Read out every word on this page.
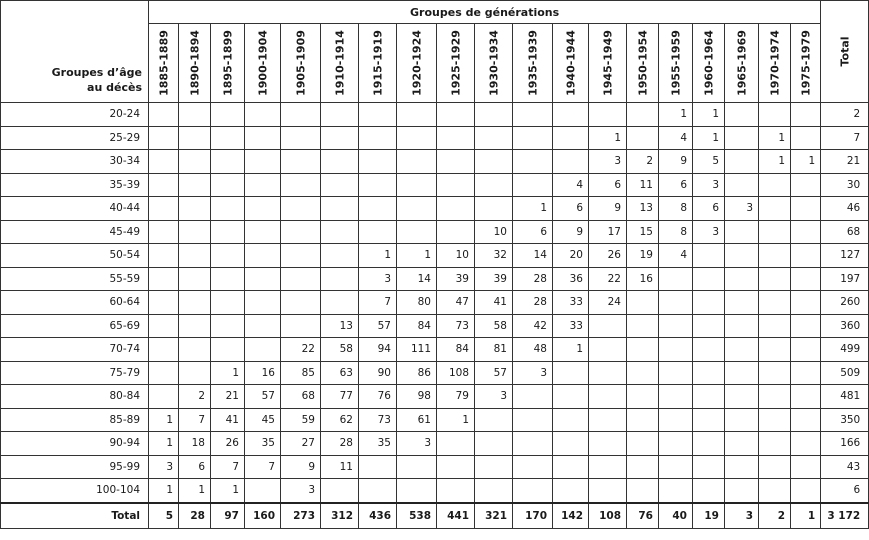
Groupes d’âge
au décès	Groupes de générations																			Total

	1885-1889	1890-1894	1895-1899	1900-1904	1905-1909	1910-1914	1915-1919	1920-1924	1925-1929	1930-1934	1935-1939	1940-1944	1945-1949	1950-1954	1955-1959	1960-1964	1965-1969	1970-1974	1975-1979	

20-24															1	1				2
25-29													1		4	1		1		7
30-34													3	2	9	5		1	1	21
35-39												4	6	11	6	3				30
40-44											1	6	9	13	8	6	3			46
45-49										10	6	9	17	15	8	3				68
50-54							1	1	10	32	14	20	26	19	4					127
55-59							3	14	39	39	28	36	22	16						197
60-64							7	80	47	41	28	33	24							260
65-69						13	57	84	73	58	42	33								360
70-74					22	58	94	111	84	81	48	1								499
75-79			1	16	85	63	90	86	108	57	3									509
80-84		2	21	57	68	77	76	98	79	3										481
85-89	1	7	41	45	59	62	73	61	1											350
90-94	1	18	26	35	27	28	35	3												166
95-99	3	6	7	7	9	11														43
100-104	1	1	1		3															6
Total	5	28	97	160	273	312	436	538	441	321	170	142	108	76	40	19	3	2	1	3 172
